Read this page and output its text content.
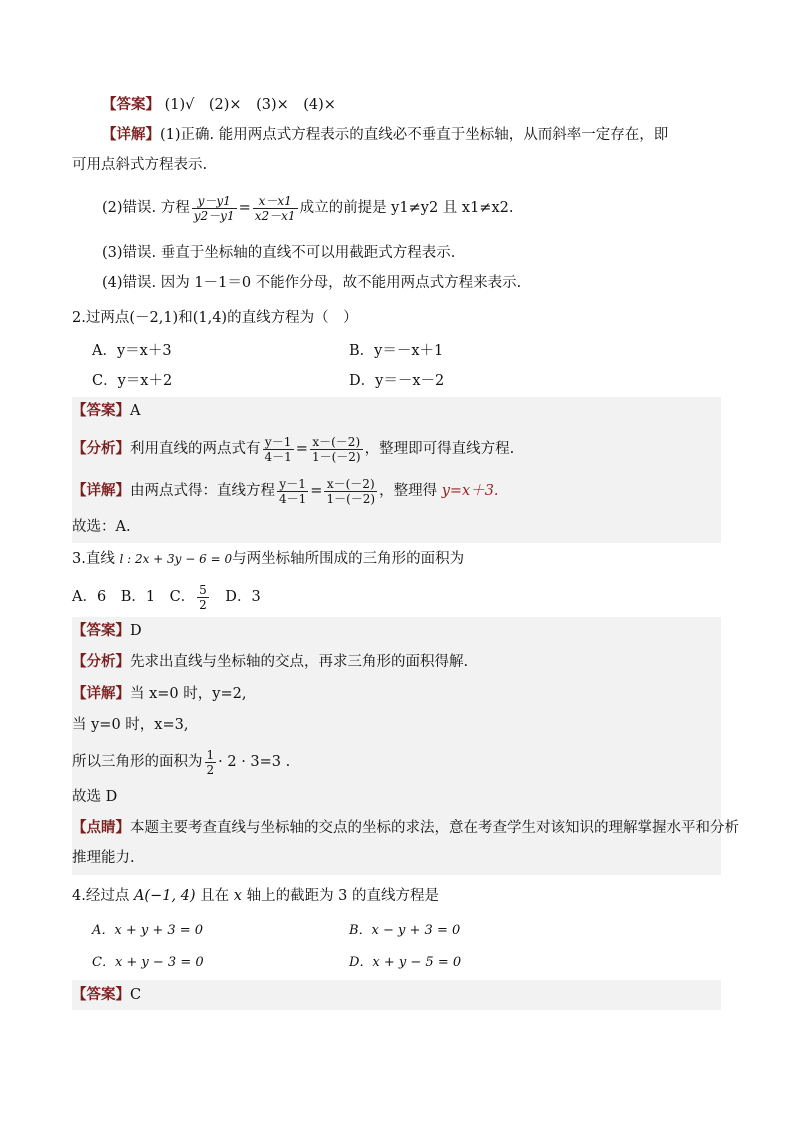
【答案】 (1)√　(2)×　(3)×　(4)×
【详解】(1)正确. 能用两点式方程表示的直线必不垂直于坐标轴，从而斜率一定存在，即
可用点斜式方程表示.
(2)错误. 方程 $\frac{y-y1}{y2-y1} = \frac{x-x1}{x2-x1}$ 成立的前提是 y1≠y2 且 x1≠x2.
(3)错误. 垂直于坐标轴的直线不可以用截距式方程表示.
(4)错误. 因为 1－1＝0 不能作分母，故不能用两点式方程来表示.
2.过两点(－2,1)和(1,4)的直线方程为（　）
A．y＝x＋3	B．y＝－x＋1
C．y＝x＋2	D．y＝－x－2
【答案】A
【分析】利用直线的两点式有 $\frac{y-1}{4-1} = \frac{x-(-2)}{1-(-2)}$ ，整理即可得直线方程.
【详解】由两点式得：直线方程 $\frac{y-1}{4-1} = \frac{x-(-2)}{1-(-2)}$ ，整理得 y=x＋3.
故选：A.
3.直线 l : 2x + 3y − 6 = 0与两坐标轴所围成的三角形的面积为
A．6　B．1　C． $\frac{5}{2}$ 　D．3
【答案】D
【分析】先求出直线与坐标轴的交点，再求三角形的面积得解.
【详解】当 x=0 时，y=2,
当 y=0 时，x=3,
所以三角形的面积为 $\frac{1}{2} \cdot 2 \cdot 3=3$ .
故选 D
【点睛】本题主要考查直线与坐标轴的交点的坐标的求法，意在考查学生对该知识的理解掌握水平和分析
推理能力.
4.经过点 A(−1, 4) 且在 x 轴上的截距为 3 的直线方程是
A．x + y + 3 = 0	B．x − y + 3 = 0
C．x + y − 3 = 0	D．x + y − 5 = 0
【答案】C
